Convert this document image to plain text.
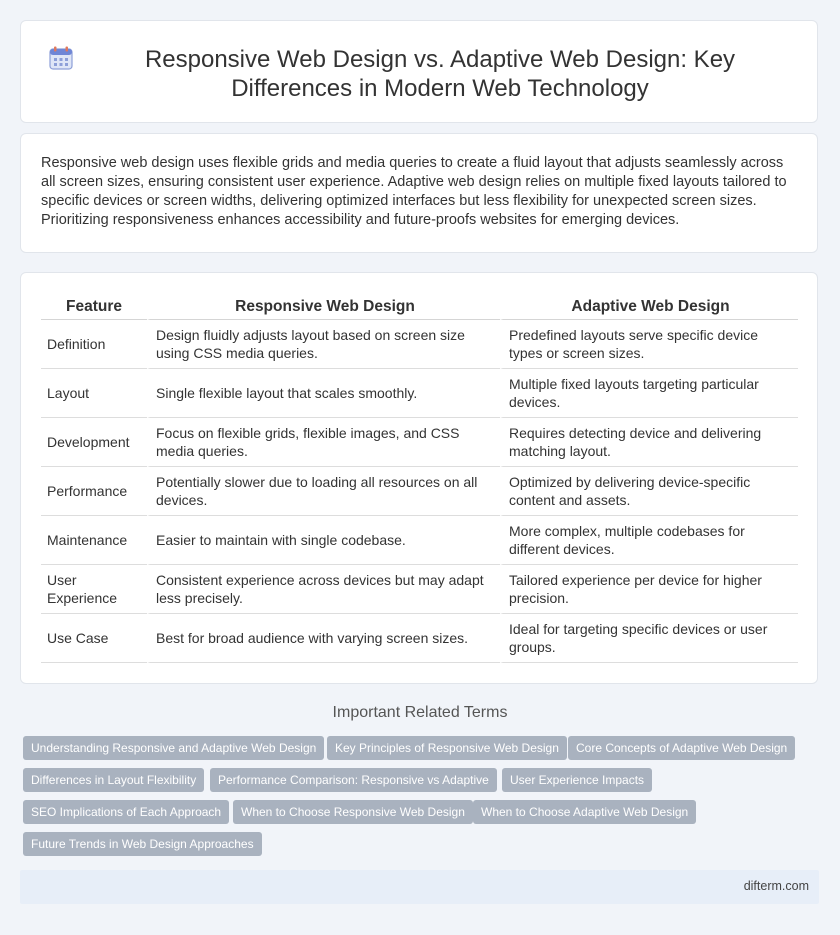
Responsive Web Design vs. Adaptive Web Design: Key Differences in Modern Web Technology
Responsive web design uses flexible grids and media queries to create a fluid layout that adjusts seamlessly across all screen sizes, ensuring consistent user experience. Adaptive web design relies on multiple fixed layouts tailored to specific devices or screen widths, delivering optimized interfaces but less flexibility for unexpected screen sizes. Prioritizing responsiveness enhances accessibility and future-proofs websites for emerging devices.
Feature	Responsive Web Design	Adaptive Web Design
Definition	Design fluidly adjusts layout based on screen size using CSS media queries.	Predefined layouts serve specific device types or screen sizes.
Layout	Single flexible layout that scales smoothly.	Multiple fixed layouts targeting particular devices.
Development	Focus on flexible grids, flexible images, and CSS media queries.	Requires detecting device and delivering matching layout.
Performance	Potentially slower due to loading all resources on all devices.	Optimized by delivering device-specific content and assets.
Maintenance	Easier to maintain with single codebase.	More complex, multiple codebases for different devices.
User Experience	Consistent experience across devices but may adapt less precisely.	Tailored experience per device for higher precision.
Use Case	Best for broad audience with varying screen sizes.	Ideal for targeting specific devices or user groups.
Important Related Terms
Understanding Responsive and Adaptive Web Design	Key Principles of Responsive Web Design	Core Concepts of Adaptive Web Design
Differences in Layout Flexibility	Performance Comparison: Responsive vs Adaptive	User Experience Impacts
SEO Implications of Each Approach	When to Choose Responsive Web Design	When to Choose Adaptive Web Design
Future Trends in Web Design Approaches
difterm.com
